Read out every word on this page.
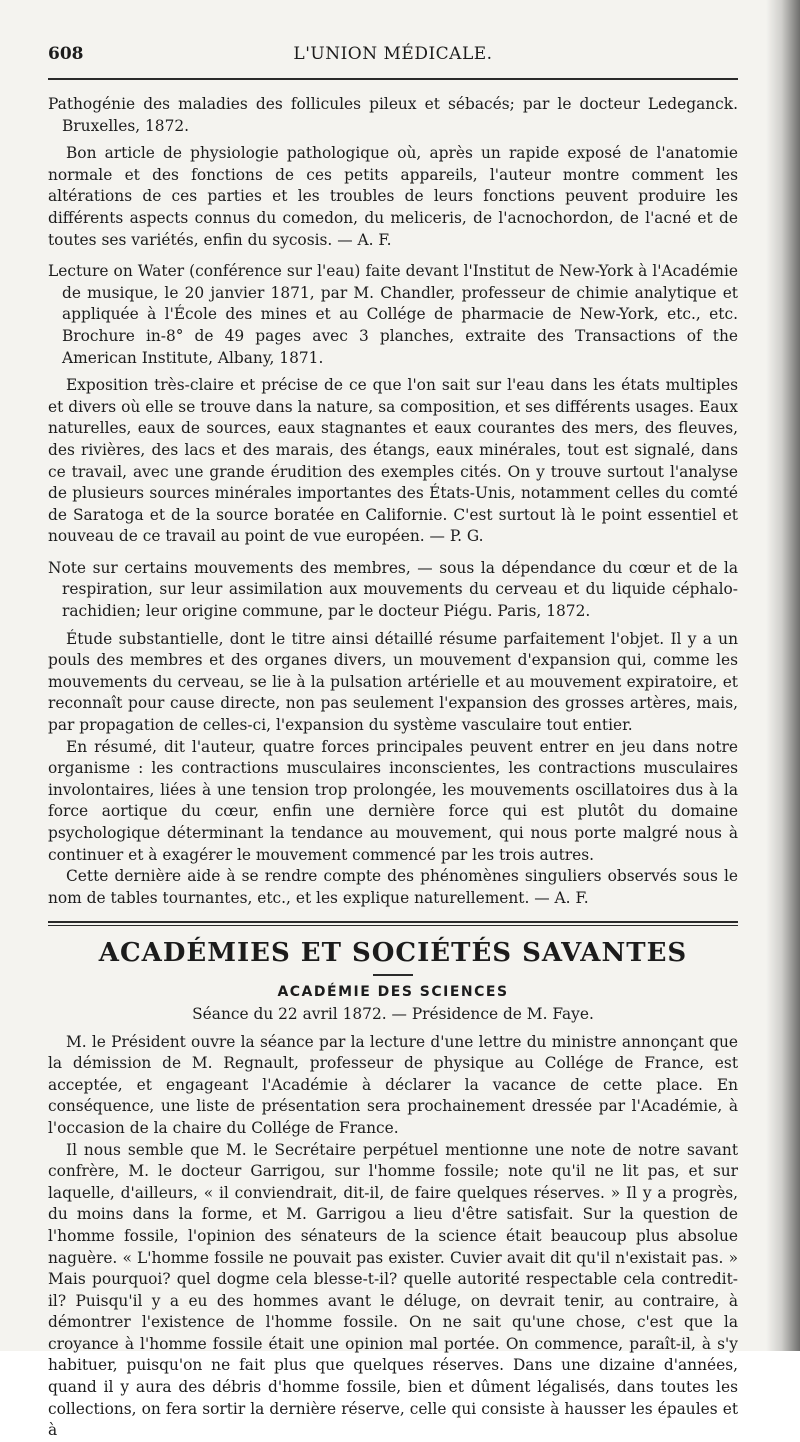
608	L'UNION MÉDICALE.

Pathogénie des maladies des follicules pileux et sébacés; par le docteur Ledeganck. Bruxelles, 1872.

Bon article de physiologie pathologique où, après un rapide exposé de l'anatomie normale et des fonctions de ces petits appareils, l'auteur montre comment les altérations de ces parties et les troubles de leurs fonctions peuvent produire les différents aspects connus du comedon, du meliceris, de l'acnochordon, de l'acné et de toutes ses variétés, enfin du sycosis. — A. F.

Lecture on Water (conférence sur l'eau) faite devant l'Institut de New-York à l'Académie de musique, le 20 janvier 1871, par M. Chandler, professeur de chimie analytique et appliquée à l'École des mines et au Collége de pharmacie de New-York, etc., etc. Brochure in-8° de 49 pages avec 3 planches, extraite des Transactions of the American Institute, Albany, 1871.

Exposition très-claire et précise de ce que l'on sait sur l'eau dans les états multiples et divers où elle se trouve dans la nature, sa composition, et ses différents usages. Eaux naturelles, eaux de sources, eaux stagnantes et eaux courantes des mers, des fleuves, des rivières, des lacs et des marais, des étangs, eaux minérales, tout est signalé, dans ce travail, avec une grande érudition des exemples cités. On y trouve surtout l'analyse de plusieurs sources minérales importantes des États-Unis, notamment celles du comté de Saratoga et de la source boratée en Californie. C'est surtout là le point essentiel et nouveau de ce travail au point de vue européen. — P. G.

Note sur certains mouvements des membres, — sous la dépendance du cœur et de la respiration, sur leur assimilation aux mouvements du cerveau et du liquide céphalo-rachidien; leur origine commune, par le docteur Piégu. Paris, 1872.

Étude substantielle, dont le titre ainsi détaillé résume parfaitement l'objet. Il y a un pouls des membres et des organes divers, un mouvement d'expansion qui, comme les mouvements du cerveau, se lie à la pulsation artérielle et au mouvement expiratoire, et reconnaît pour cause directe, non pas seulement l'expansion des grosses artères, mais, par propagation de celles-ci, l'expansion du système vasculaire tout entier.

En résumé, dit l'auteur, quatre forces principales peuvent entrer en jeu dans notre organisme : les contractions musculaires inconscientes, les contractions musculaires involontaires, liées à une tension trop prolongée, les mouvements oscillatoires dus à la force aortique du cœur, enfin une dernière force qui est plutôt du domaine psychologique déterminant la tendance au mouvement, qui nous porte malgré nous à continuer et à exagérer le mouvement commencé par les trois autres.

Cette dernière aide à se rendre compte des phénomènes singuliers observés sous le nom de tables tournantes, etc., et les explique naturellement. — A. F.

ACADÉMIES ET SOCIÉTÉS SAVANTES
ACADÉMIE DES SCIENCES

Séance du 22 avril 1872. — Présidence de M. Faye.

M. le Président ouvre la séance par la lecture d'une lettre du ministre annonçant que la démission de M. Regnault, professeur de physique au Collége de France, est acceptée, et engageant l'Académie à déclarer la vacance de cette place. En conséquence, une liste de présentation sera prochainement dressée par l'Académie, à l'occasion de la chaire du Collége de France.

Il nous semble que M. le Secrétaire perpétuel mentionne une note de notre savant confrère, M. le docteur Garrigou, sur l'homme fossile; note qu'il ne lit pas, et sur laquelle, d'ailleurs, « il conviendrait, dit-il, de faire quelques réserves. » Il y a progrès, du moins dans la forme, et M. Garrigou a lieu d'être satisfait. Sur la question de l'homme fossile, l'opinion des sénateurs de la science était beaucoup plus absolue naguère. « L'homme fossile ne pouvait pas exister. Cuvier avait dit qu'il n'existait pas. » Mais pourquoi? quel dogme cela blesse-t-il? quelle autorité respectable cela contredit-il? Puisqu'il y a eu des hommes avant le déluge, on devrait tenir, au contraire, à démontrer l'existence de l'homme fossile. On ne sait qu'une chose, c'est que la croyance à l'homme fossile était une opinion mal portée. On commence, paraît-il, à s'y habituer, puisqu'on ne fait plus que quelques réserves. Dans une dizaine d'années, quand il y aura des débris d'homme fossile, bien et dûment légalisés, dans toutes les collections, on fera sortir la dernière réserve, celle qui consiste à hausser les épaules et à
